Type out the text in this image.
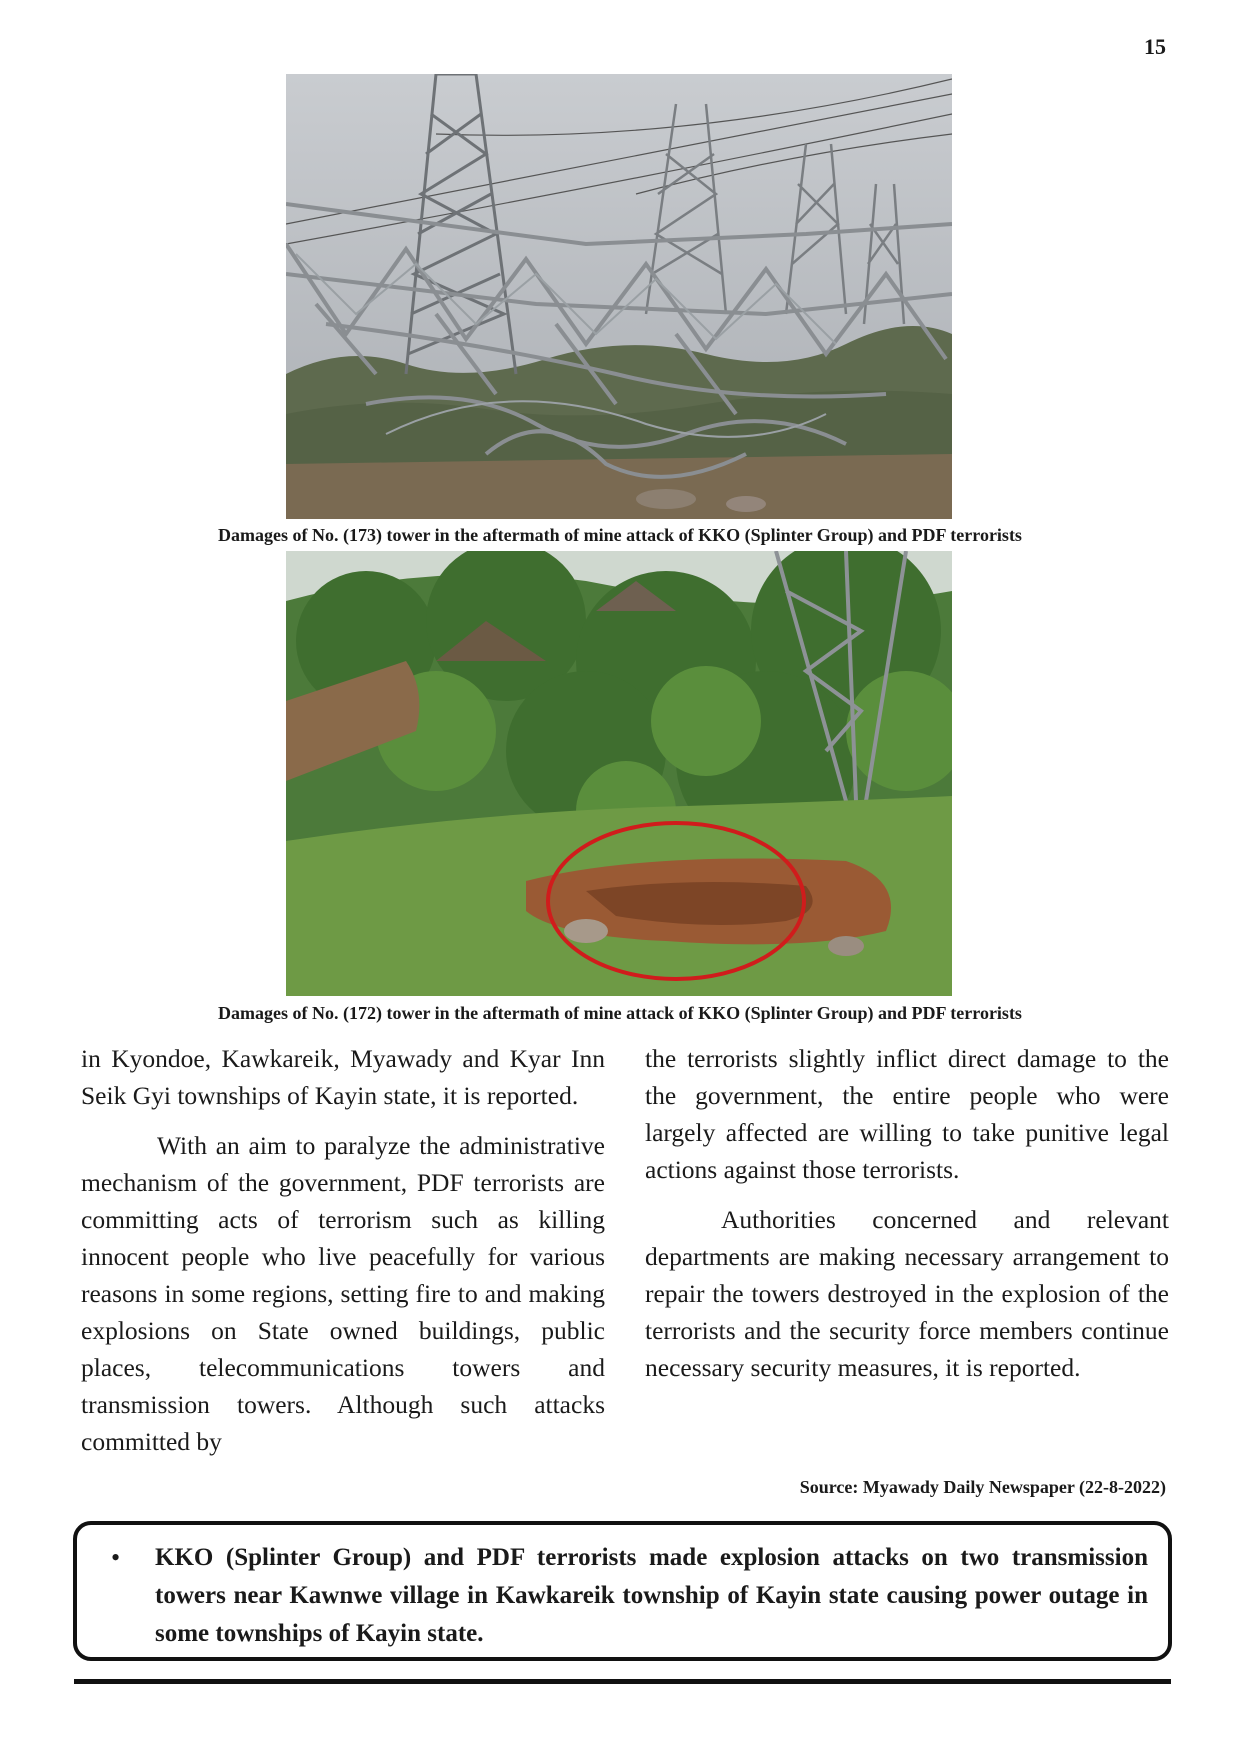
15
Damages of No. (173) tower in the aftermath of mine attack of KKO (Splinter Group) and PDF terrorists
Damages of No. (172) tower in the aftermath of mine attack of KKO (Splinter Group) and PDF terrorists

in Kyondoe, Kawkareik, Myawady and Kyar Inn Seik Gyi townships of Kayin state, it is reported.

With an aim to paralyze the administrative mechanism of the government, PDF terrorists are committing acts of terrorism such as killing innocent people who live peacefully for various reasons in some regions, setting fire to and making explosions on State owned buildings, public places, telecommunications towers and transmission towers. Although such attacks committed by

the terrorists slightly inflict direct damage to the the government, the entire people who were largely affected are willing to take punitive legal actions against those terrorists.

Authorities concerned and relevant departments are making necessary arrangement to repair the towers destroyed in the explosion of the terrorists and the security force members continue necessary security measures, it is reported.

Source: Myawady Daily Newspaper (22-8-2022)
•	KKO (Splinter Group) and PDF terrorists made explosion attacks on two transmission towers near Kawnwe village in Kawkareik township of Kayin state causing power outage in some townships of Kayin state.
